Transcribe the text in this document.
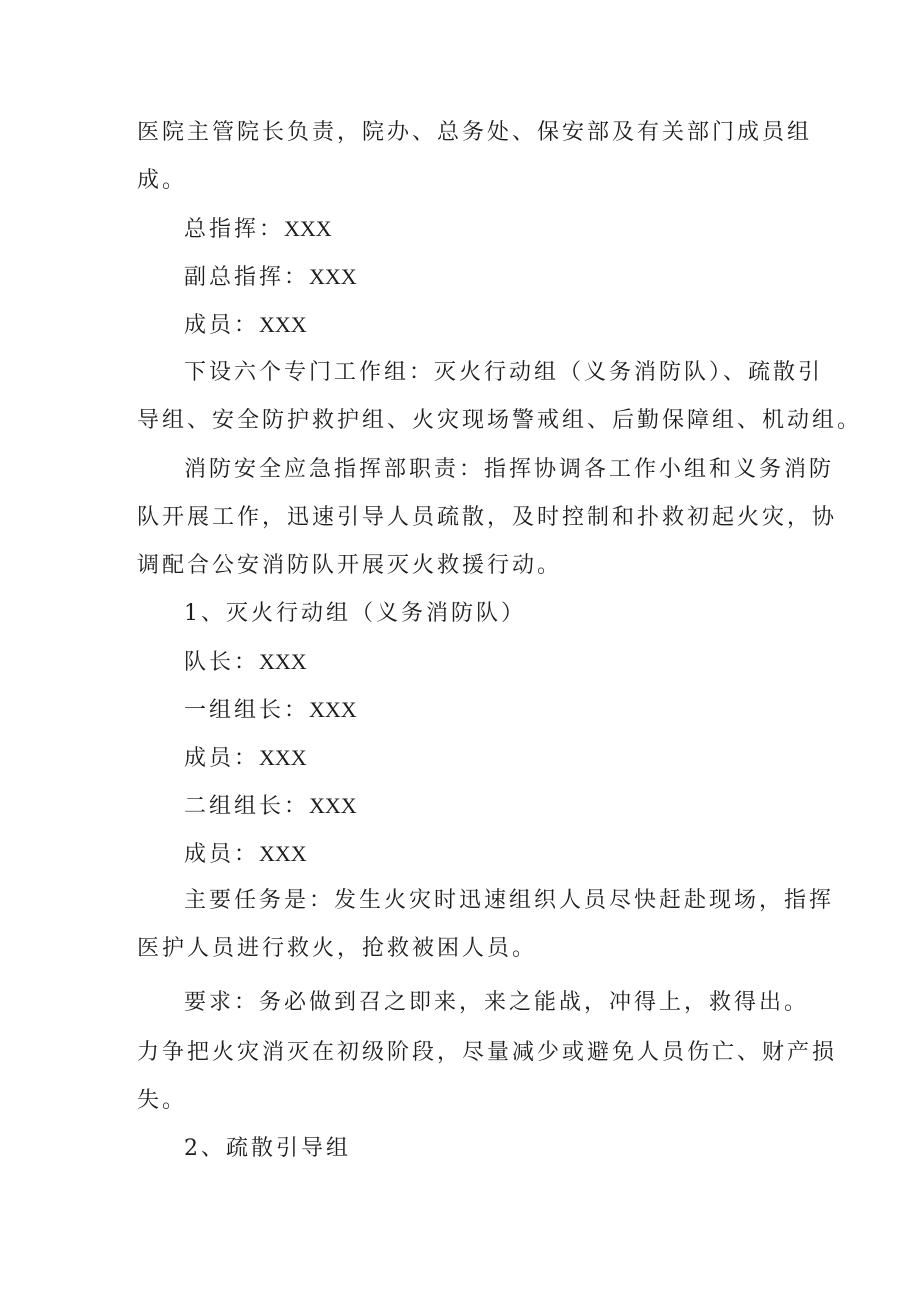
医院主管院长负责，院办、总务处、保安部及有关部门成员组

成。

总指挥：XXX

副总指挥：XXX

成员：XXX

下设六个专门工作组：灭火行动组（义务消防队）、疏散引

导组、安全防护救护组、火灾现场警戒组、后勤保障组、机动组。

消防安全应急指挥部职责：指挥协调各工作小组和义务消防

队开展工作，迅速引导人员疏散，及时控制和扑救初起火灾，协

调配合公安消防队开展灭火救援行动。

1、灭火行动组（义务消防队）

队长：XXX

一组组长：XXX

成员：XXX

二组组长：XXX

成员：XXX

主要任务是：发生火灾时迅速组织人员尽快赶赴现场，指挥

医护人员进行救火，抢救被困人员。

要求：务必做到召之即来，来之能战，冲得上，救得出。

力争把火灾消灭在初级阶段，尽量减少或避免人员伤亡、财产损

失。

2、疏散引导组
